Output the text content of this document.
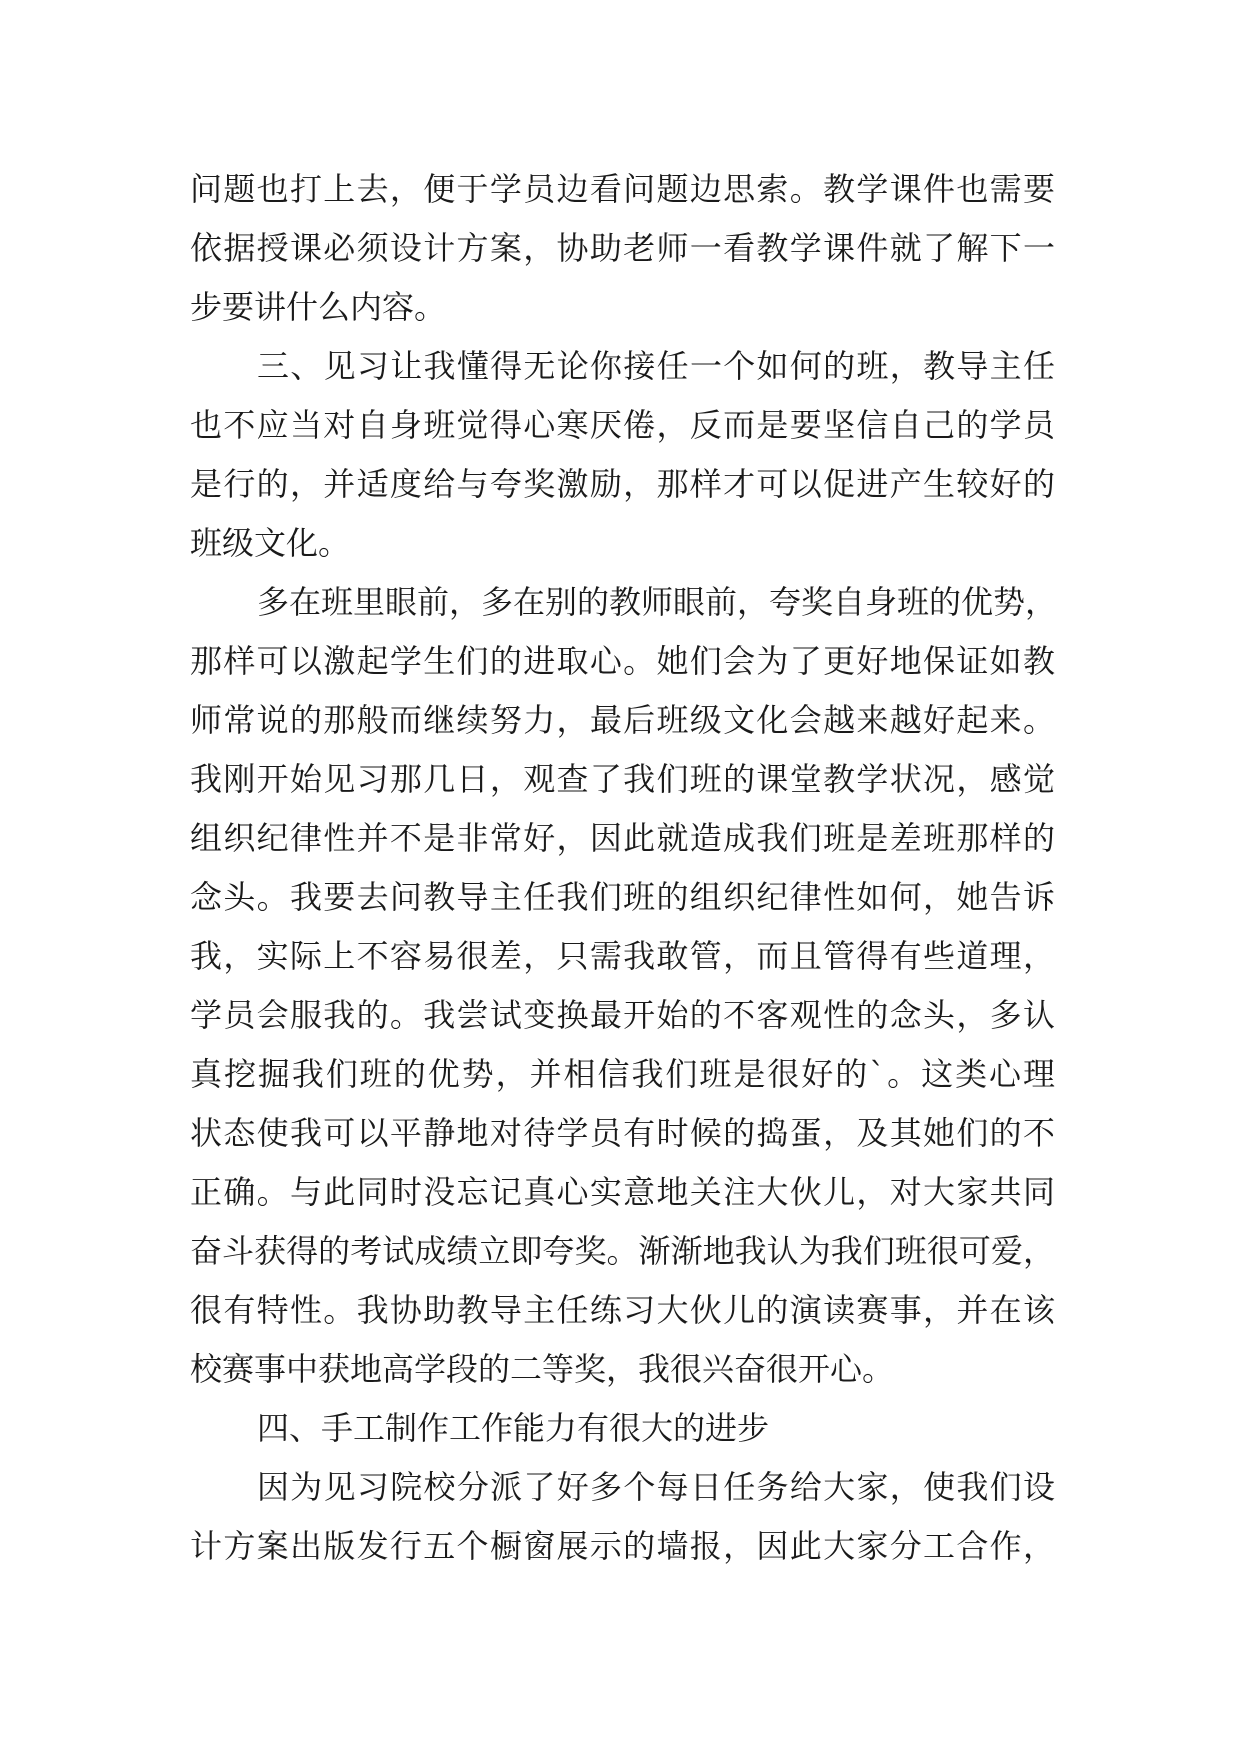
问题也打上去，便于学员边看问题边思索。教学课件也需要
依据授课必须设计方案，协助老师一看教学课件就了解下一
步要讲什么内容。
三、见习让我懂得无论你接任一个如何的班，教导主任
也不应当对自身班觉得心寒厌倦，反而是要坚信自己的学员
是行的，并适度给与夸奖激励，那样才可以促进产生较好的
班级文化。
多在班里眼前，多在别的教师眼前，夸奖自身班的优势，
那样可以激起学生们的进取心。她们会为了更好地保证如教
师常说的那般而继续努力，最后班级文化会越来越好起来。
我刚开始见习那几日，观查了我们班的课堂教学状况，感觉
组织纪律性并不是非常好，因此就造成我们班是差班那样的
念头。我要去问教导主任我们班的组织纪律性如何，她告诉
我，实际上不容易很差，只需我敢管，而且管得有些道理，
学员会服我的。我尝试变换最开始的不客观性的念头，多认
真挖掘我们班的优势，并相信我们班是很好的`。这类心理
状态使我可以平静地对待学员有时候的捣蛋，及其她们的不
正确。与此同时没忘记真心实意地关注大伙儿，对大家共同
奋斗获得的考试成绩立即夸奖。渐渐地我认为我们班很可爱，
很有特性。我协助教导主任练习大伙儿的演读赛事，并在该
校赛事中获地高学段的二等奖，我很兴奋很开心。
四、手工制作工作能力有很大的进步
因为见习院校分派了好多个每日任务给大家，使我们设
计方案出版发行五个橱窗展示的墙报，因此大家分工合作，
